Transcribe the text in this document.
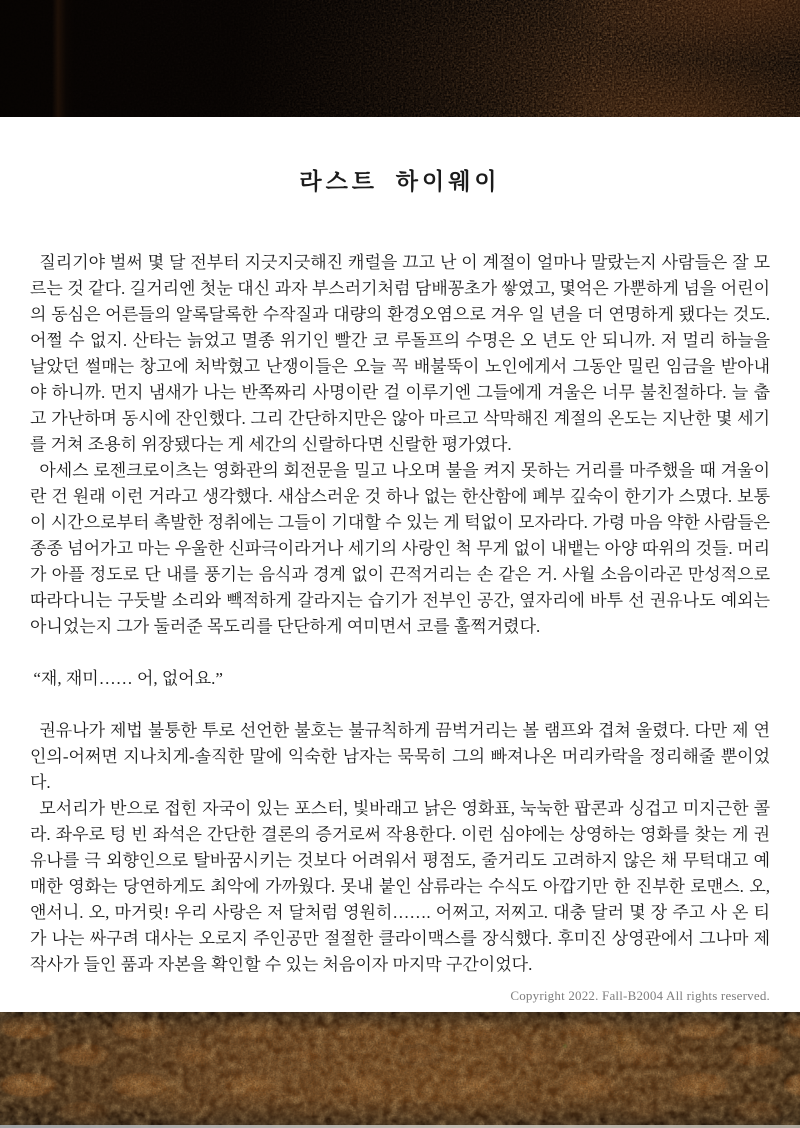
라스트 하이웨이

질리기야 벌써 몇 달 전부터 지긋지긋해진 캐럴을 끄고 난 이 계절이 얼마나 말랐는지 사람들은 잘 모르는 것 같다. 길거리엔 첫눈 대신 과자 부스러기처럼 담배꽁초가 쌓였고, 몇억은 가뿐하게 넘을 어린이의 동심은 어른들의 알록달록한 수작질과 대량의 환경오염으로 겨우 일 년을 더 연명하게 됐다는 것도. 어쩔 수 없지. 산타는 늙었고 멸종 위기인 빨간 코 루돌프의 수명은 오 년도 안 되니까. 저 멀리 하늘을 날았던 썰매는 창고에 처박혔고 난쟁이들은 오늘 꼭 배불뚝이 노인에게서 그동안 밀린 임금을 받아내야 하니까. 먼지 냄새가 나는 반쪽짜리 사명이란 걸 이루기엔 그들에게 겨울은 너무 불친절하다. 늘 춥고 가난하며 동시에 잔인했다. 그리 간단하지만은 않아 마르고 삭막해진 계절의 온도는 지난한 몇 세기를 거쳐 조용히 위장됐다는 게 세간의 신랄하다면 신랄한 평가였다.

아세스 로젠크로이츠는 영화관의 회전문을 밀고 나오며 불을 켜지 못하는 거리를 마주했을 때 겨울이란 건 원래 이런 거라고 생각했다. 새삼스러운 것 하나 없는 한산함에 폐부 깊숙이 한기가 스몄다. 보통 이 시간으로부터 촉발한 정취에는 그들이 기대할 수 있는 게 턱없이 모자라다. 가령 마음 약한 사람들은 종종 넘어가고 마는 우울한 신파극이라거나 세기의 사랑인 척 무게 없이 내뱉는 아양 따위의 것들. 머리가 아플 정도로 단 내를 풍기는 음식과 경계 없이 끈적거리는 손 같은 거. 사월 소음이라곤 만성적으로 따라다니는 구둣발 소리와 빽적하게 갈라지는 습기가 전부인 공간, 옆자리에 바투 선 권유나도 예외는 아니었는지 그가 둘러준 목도리를 단단하게 여미면서 코를 훌쩍거렸다.

“재, 재미…… 어, 없어요.”

권유나가 제법 불퉁한 투로 선언한 불호는 불규칙하게 끔벅거리는 볼 램프와 겹쳐 울렸다. 다만 제 연인의-어쩌면 지나치게-솔직한 말에 익숙한 남자는 묵묵히 그의 빠져나온 머리카락을 정리해줄 뿐이었다.

모서리가 반으로 접힌 자국이 있는 포스터, 빛바래고 낡은 영화표, 눅눅한 팝콘과 싱겁고 미지근한 콜라. 좌우로 텅 빈 좌석은 간단한 결론의 증거로써 작용한다. 이런 심야에는 상영하는 영화를 찾는 게 권유나를 극 외향인으로 탈바꿈시키는 것보다 어려워서 평점도, 줄거리도 고려하지 않은 채 무턱대고 예매한 영화는 당연하게도 최악에 가까웠다. 못내 붙인 삼류라는 수식도 아깝기만 한 진부한 로맨스. 오, 앤서니. 오, 마거릿! 우리 사랑은 저 달처럼 영원히……. 어쩌고, 저찌고. 대충 달러 몇 장 주고 사 온 티가 나는 싸구려 대사는 오로지 주인공만 절절한 클라이맥스를 장식했다. 후미진 상영관에서 그나마 제작사가 들인 품과 자본을 확인할 수 있는 처음이자 마지막 구간이었다.

Copyright 2022. Fall-B2004 All rights reserved.
